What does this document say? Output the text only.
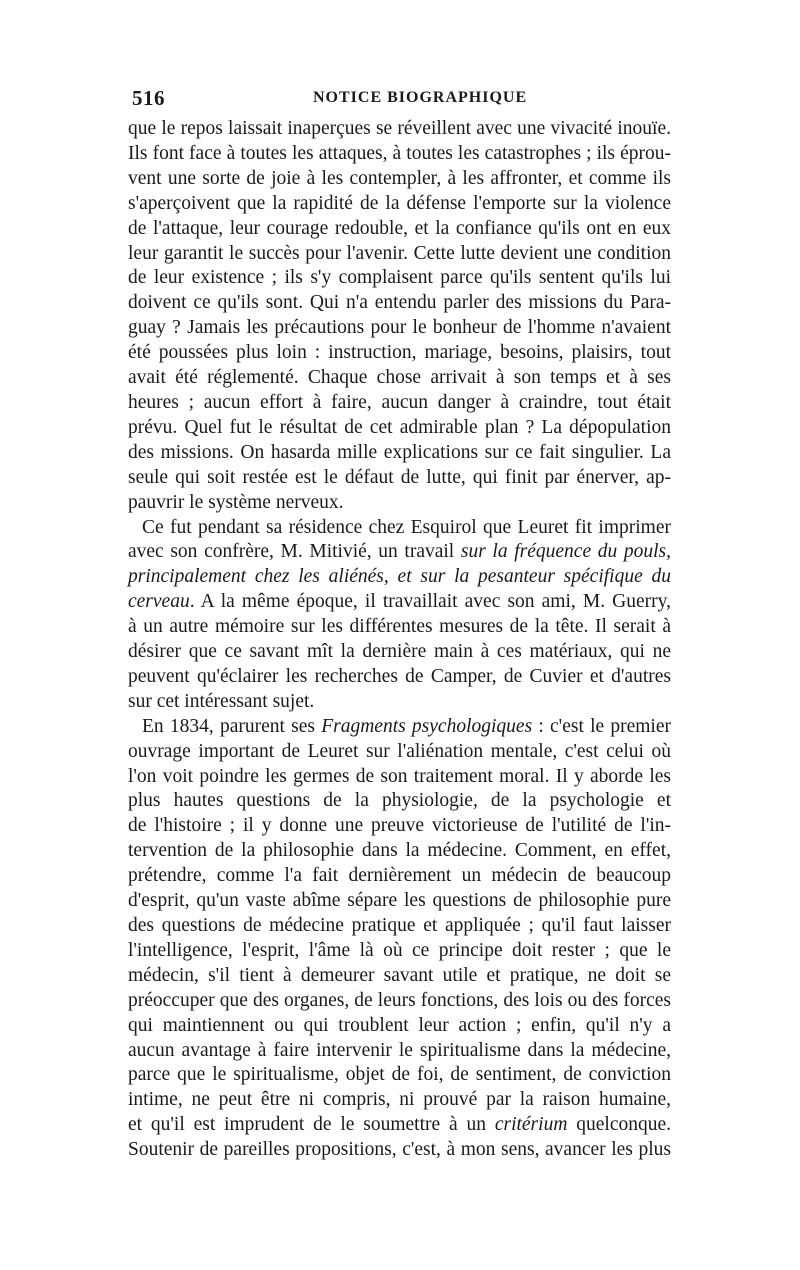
516	NOTICE BIOGRAPHIQUE

que le repos laissait inaperçues se réveillent avec une vivacité inouïe.
Ils font face à toutes les attaques, à toutes les catastrophes ; ils éprou-
vent une sorte de joie à les contempler, à les affronter, et comme ils
s'aperçoivent que la rapidité de la défense l'emporte sur la violence
de l'attaque, leur courage redouble, et la confiance qu'ils ont en eux
leur garantit le succès pour l'avenir. Cette lutte devient une condition
de leur existence ; ils s'y complaisent parce qu'ils sentent qu'ils lui
doivent ce qu'ils sont. Qui n'a entendu parler des missions du Para-
guay ? Jamais les précautions pour le bonheur de l'homme n'avaient
été poussées plus loin : instruction, mariage, besoins, plaisirs, tout
avait été réglementé. Chaque chose arrivait à son temps et à ses
heures ; aucun effort à faire, aucun danger à craindre, tout était
prévu. Quel fut le résultat de cet admirable plan ? La dépopulation
des missions. On hasarda mille explications sur ce fait singulier. La
seule qui soit restée est le défaut de lutte, qui finit par énerver, ap-
pauvrir le système nerveux.

Ce fut pendant sa résidence chez Esquirol que Leuret fit imprimer
avec son confrère, M. Mitivié, un travail sur la fréquence du pouls,
principalement chez les aliénés, et sur la pesanteur spécifique du
cerveau. A la même époque, il travaillait avec son ami, M. Guerry,
à un autre mémoire sur les différentes mesures de la tête. Il serait à
désirer que ce savant mît la dernière main à ces matériaux, qui ne
peuvent qu'éclairer les recherches de Camper, de Cuvier et d'autres
sur cet intéressant sujet.

En 1834, parurent ses Fragments psychologiques : c'est le premier
ouvrage important de Leuret sur l'aliénation mentale, c'est celui où
l'on voit poindre les germes de son traitement moral. Il y aborde les
plus hautes questions de la physiologie, de la psychologie et
de l'histoire ; il y donne une preuve victorieuse de l'utilité de l'in-
tervention de la philosophie dans la médecine. Comment, en effet,
prétendre, comme l'a fait dernièrement un médecin de beaucoup
d'esprit, qu'un vaste abîme sépare les questions de philosophie pure
des questions de médecine pratique et appliquée ; qu'il faut laisser
l'intelligence, l'esprit, l'âme là où ce principe doit rester ; que le
médecin, s'il tient à demeurer savant utile et pratique, ne doit se
préoccuper que des organes, de leurs fonctions, des lois ou des forces
qui maintiennent ou qui troublent leur action ; enfin, qu'il n'y a
aucun avantage à faire intervenir le spiritualisme dans la médecine,
parce que le spiritualisme, objet de foi, de sentiment, de conviction
intime, ne peut être ni compris, ni prouvé par la raison humaine,
et qu'il est imprudent de le soumettre à un critérium quelconque.
Soutenir de pareilles propositions, c'est, à mon sens, avancer les plus
